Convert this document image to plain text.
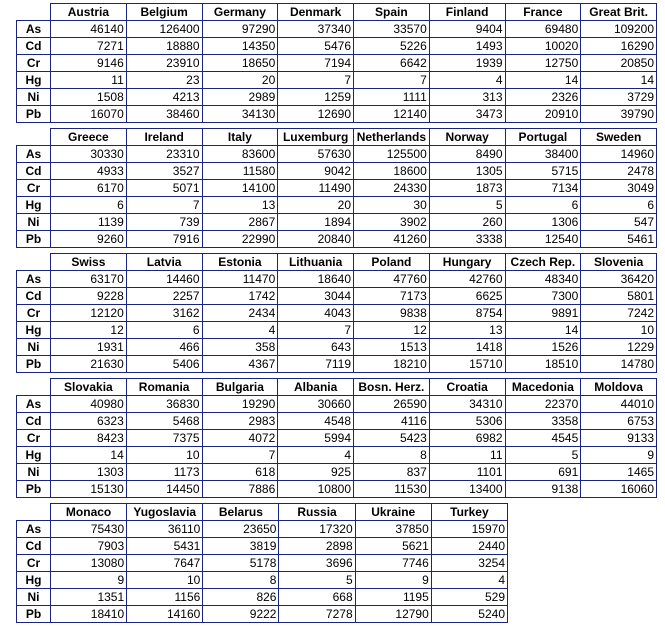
	Austria	Belgium	Germany	Denmark	Spain	Finland	France	Great Brit.
As	46140	126400	97290	37340	33570	9404	69480	109200
Cd	7271	18880	14350	5476	5226	1493	10020	16290
Cr	9146	23910	18650	7194	6642	1939	12750	20850
Hg	11	23	20	7	7	4	14	14
Ni	1508	4213	2989	1259	1111	313	2326	3729
Pb	16070	38460	34130	12690	12140	3473	20910	39790
	Greece	Ireland	Italy	Luxemburg	Netherlands	Norway	Portugal	Sweden
As	30330	23310	83600	57630	125500	8490	38400	14960
Cd	4933	3527	11580	9042	18600	1305	5715	2478
Cr	6170	5071	14100	11490	24330	1873	7134	3049
Hg	6	7	13	20	30	5	6	6
Ni	1139	739	2867	1894	3902	260	1306	547
Pb	9260	7916	22990	20840	41260	3338	12540	5461
	Swiss	Latvia	Estonia	Lithuania	Poland	Hungary	Czech Rep.	Slovenia
As	63170	14460	11470	18640	47760	42760	48340	36420
Cd	9228	2257	1742	3044	7173	6625	7300	5801
Cr	12120	3162	2434	4043	9838	8754	9891	7242
Hg	12	6	4	7	12	13	14	10
Ni	1931	466	358	643	1513	1418	1526	1229
Pb	21630	5406	4367	7119	18210	15710	18510	14780
	Slovakia	Romania	Bulgaria	Albania	Bosn. Herz.	Croatia	Macedonia	Moldova
As	40980	36830	19290	30660	26590	34310	22370	44010
Cd	6323	5468	2983	4548	4116	5306	3358	6753
Cr	8423	7375	4072	5994	5423	6982	4545	9133
Hg	14	10	7	4	8	11	5	9
Ni	1303	1173	618	925	837	1101	691	1465
Pb	15130	14450	7886	10800	11530	13400	9138	16060
	Monaco	Yugoslavia	Belarus	Russia	Ukraine	Turkey
As	75430	36110	23650	17320	37850	15970
Cd	7903	5431	3819	2898	5621	2440
Cr	13080	7647	5178	3696	7746	3254
Hg	9	10	8	5	9	4
Ni	1351	1156	826	668	1195	529
Pb	18410	14160	9222	7278	12790	5240
